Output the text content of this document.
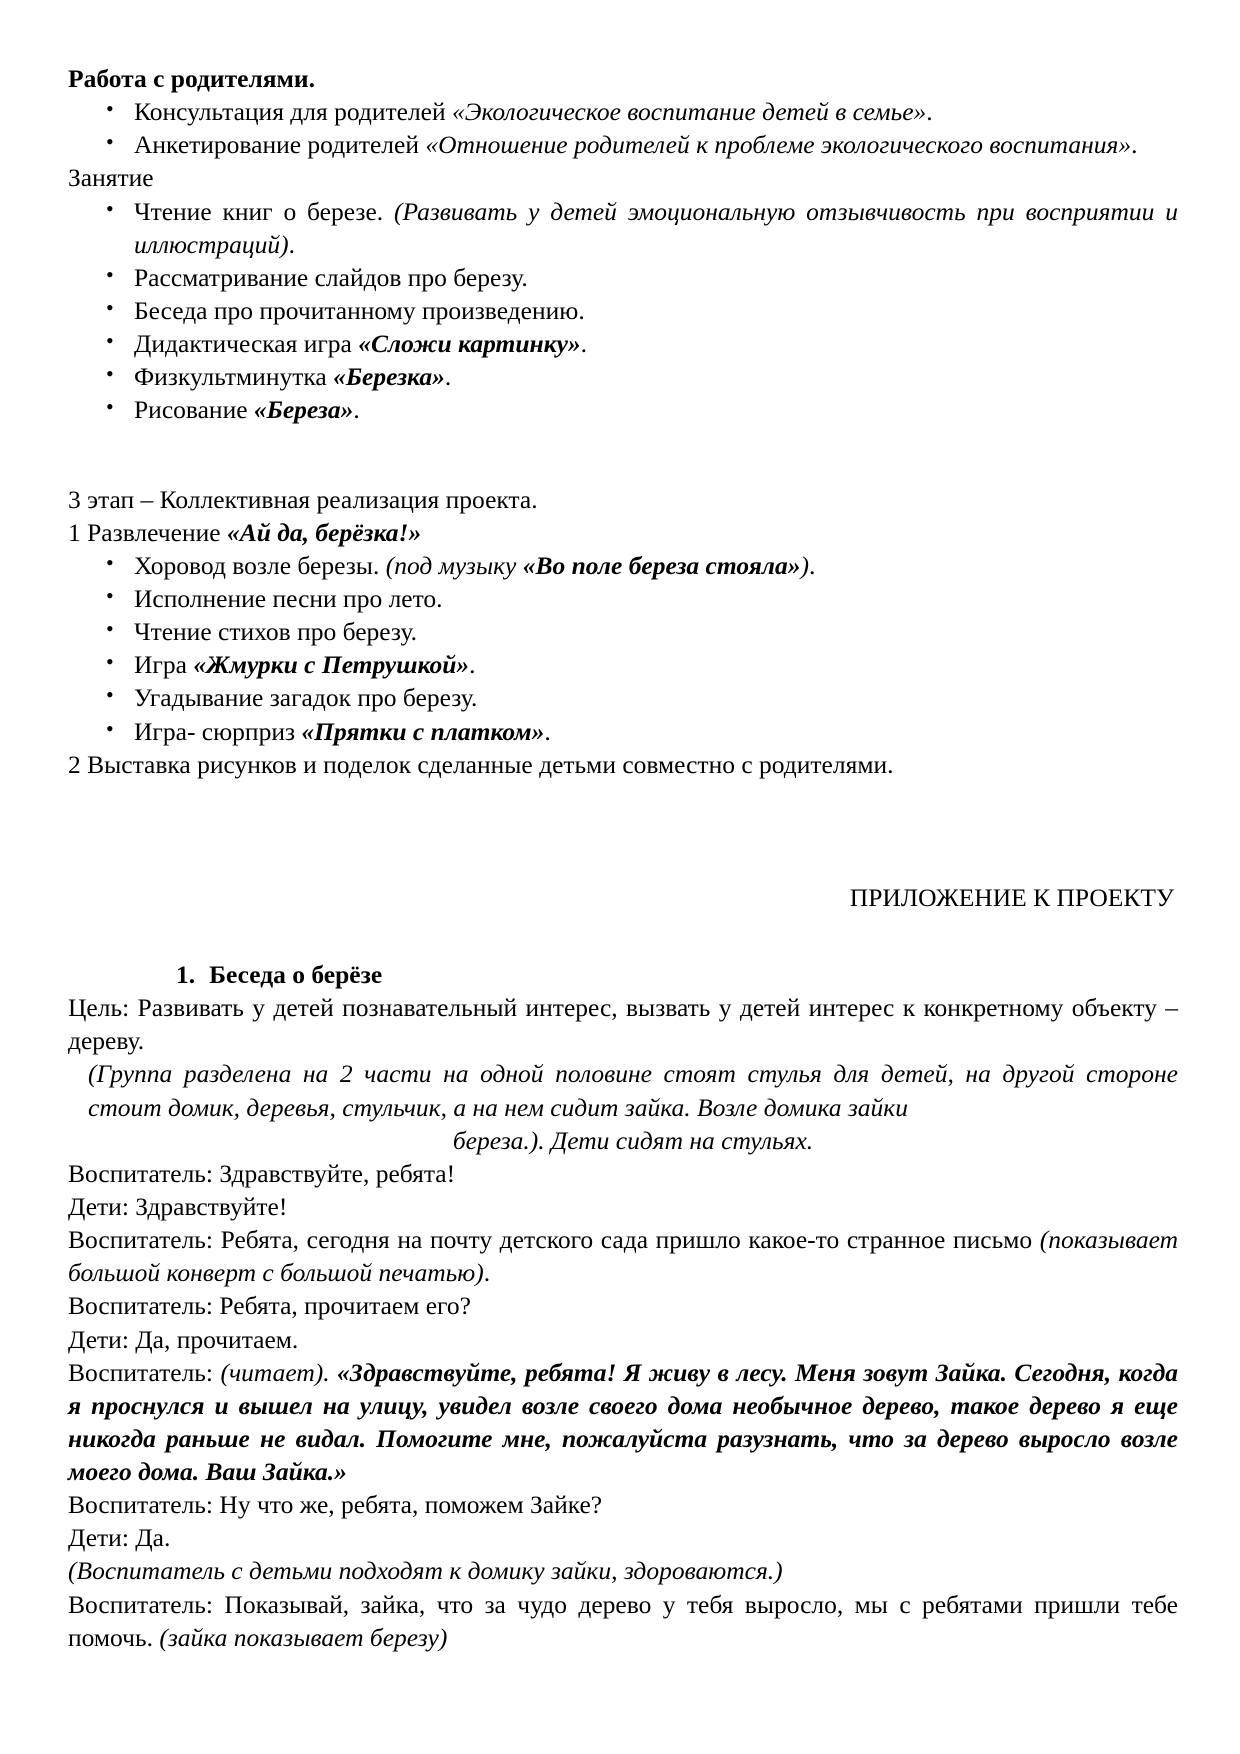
Работа с родителями.

• Консультация для родителей «Экологическое воспитание детей в семье».
• Анкетирование родителей «Отношение родителей к проблеме экологического воспитания».

Занятие

• Чтение книг о березе. (Развивать у детей эмоциональную отзывчивость при восприятии и иллюстраций).
• Рассматривание слайдов про березу.
• Беседа про прочитанному произведению.
• Дидактическая игра «Сложи картинку».
• Физкультминутка «Березка».
• Рисование «Береза».

3 этап – Коллективная реализация проекта.

1 Развлечение «Ай да, берёзка!»

• Хоровод возле березы. (под музыку «Во поле береза стояла»).
• Исполнение песни про лето.
• Чтение стихов про березу.
• Игра «Жмурки с Петрушкой».
• Угадывание загадок про березу.
• Игра- сюрприз «Прятки с платком».

2 Выставка рисунков и поделок сделанные детьми совместно с родителями.

ПРИЛОЖЕНИЕ К ПРОЕКТУ

1. Беседа о берёзе

Цель: Развивать у детей познавательный интерес, вызвать у детей интерес к конкретному объекту – дереву.

(Группа разделена на 2 части на одной половине стоят стулья для детей, на другой стороне стоит домик, деревья, стульчик, а на нем сидит зайка. Возле домика зайки
береза.). Дети сидят на стульях.

Воспитатель: Здравствуйте, ребята!

Дети: Здравствуйте!

Воспитатель: Ребята, сегодня на почту детского сада пришло какое-то странное письмо (показывает большой конверт с большой печатью).

Воспитатель: Ребята, прочитаем его?

Дети: Да, прочитаем.

Воспитатель: (читает). «Здравствуйте, ребята! Я живу в лесу. Меня зовут Зайка. Сегодня, когда я проснулся и вышел на улицу, увидел возле своего дома необычное дерево, такое дерево я еще никогда раньше не видал. Помогите мне, пожалуйста разузнать, что за дерево выросло возле моего дома. Ваш Зайка.»

Воспитатель: Ну что же, ребята, поможем Зайке?

Дети: Да.

(Воспитатель с детьми подходят к домику зайки, здороваются.)

Воспитатель: Показывай, зайка, что за чудо дерево у тебя выросло, мы с ребятами пришли тебе помочь. (зайка показывает березу)
